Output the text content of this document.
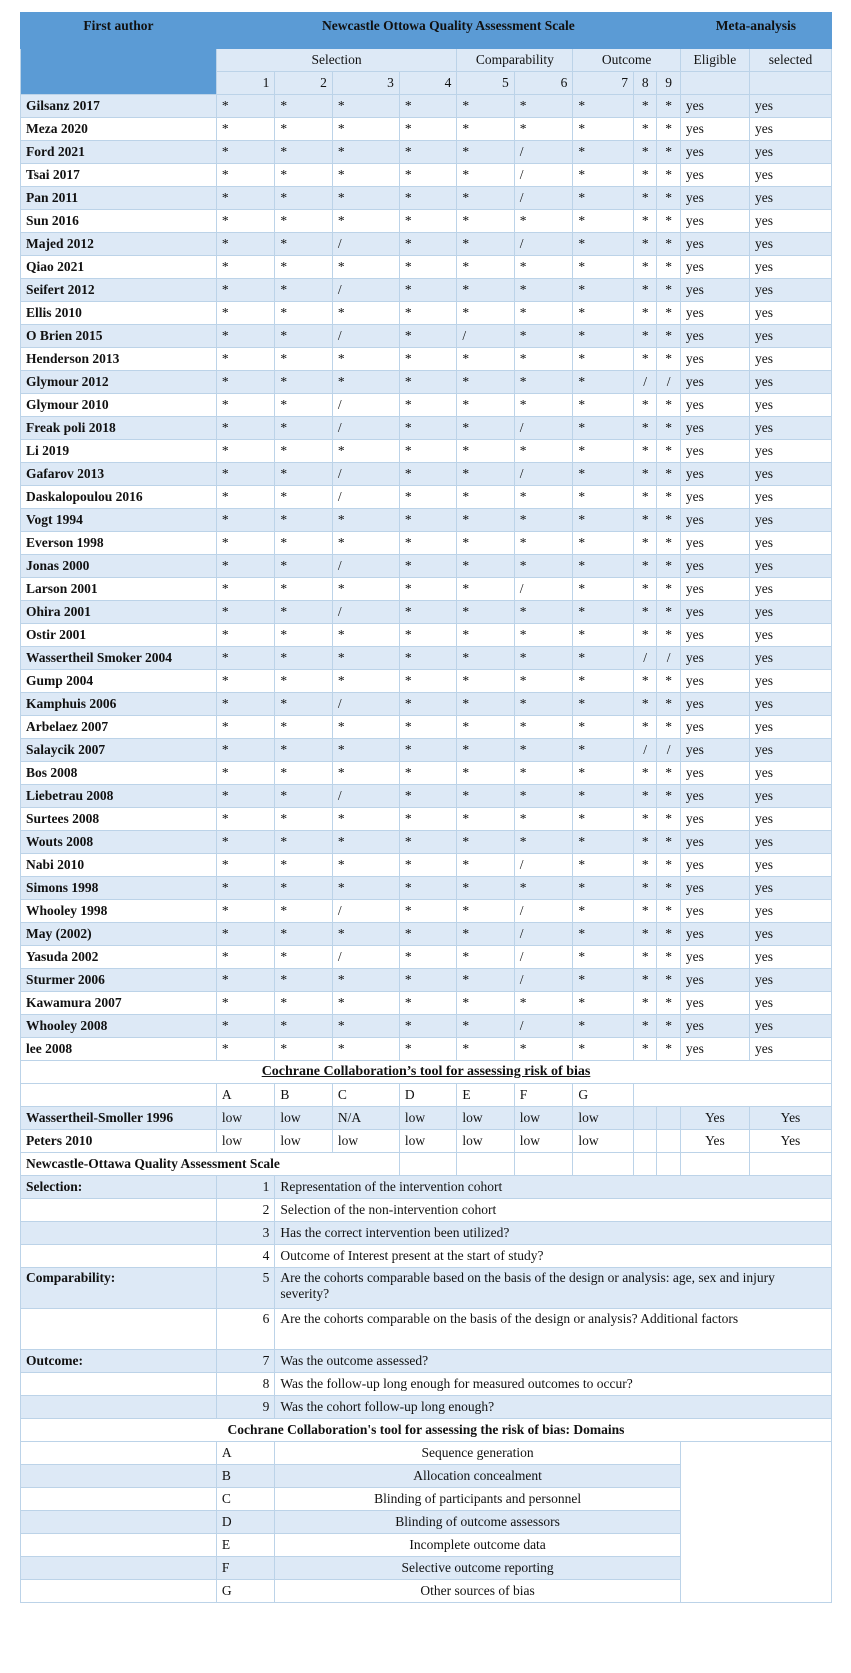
First author	Newcastle Ottowa Quality Assessment Scale									Meta-analysis	
	Selection				Comparability		Outcome			Eligible	selected
	1	2	3	4	5	6	7	8	9		
Gilsanz 2017	*	*	*	*	*	*	*	*	*	yes	yes
Meza 2020	*	*	*	*	*	*	*	*	*	yes	yes
Ford 2021	*	*	*	*	*	/	*	*	*	yes	yes
Tsai 2017	*	*	*	*	*	/	*	*	*	yes	yes
Pan 2011	*	*	*	*	*	/	*	*	*	yes	yes
Sun 2016	*	*	*	*	*	*	*	*	*	yes	yes
Majed 2012	*	*	/	*	*	/	*	*	*	yes	yes
Qiao 2021	*	*	*	*	*	*	*	*	*	yes	yes
Seifert 2012	*	*	/	*	*	*	*	*	*	yes	yes
Ellis 2010	*	*	*	*	*	*	*	*	*	yes	yes
O Brien 2015	*	*	/	*	/	*	*	*	*	yes	yes
Henderson 2013	*	*	*	*	*	*	*	*	*	yes	yes
Glymour 2012	*	*	*	*	*	*	*	/	/	yes	yes
Glymour 2010	*	*	/	*	*	*	*	*	*	yes	yes
Freak poli 2018	*	*	/	*	*	/	*	*	*	yes	yes
Li 2019	*	*	*	*	*	*	*	*	*	yes	yes
Gafarov 2013	*	*	/	*	*	/	*	*	*	yes	yes
Daskalopoulou 2016	*	*	/	*	*	*	*	*	*	yes	yes
Vogt 1994	*	*	*	*	*	*	*	*	*	yes	yes
Everson 1998	*	*	*	*	*	*	*	*	*	yes	yes
Jonas 2000	*	*	/	*	*	*	*	*	*	yes	yes
Larson 2001	*	*	*	*	*	/	*	*	*	yes	yes
Ohira 2001	*	*	/	*	*	*	*	*	*	yes	yes
Ostir 2001	*	*	*	*	*	*	*	*	*	yes	yes
Wassertheil Smoker 2004	*	*	*	*	*	*	*	/	/	yes	yes
Gump 2004	*	*	*	*	*	*	*	*	*	yes	yes
Kamphuis 2006	*	*	/	*	*	*	*	*	*	yes	yes
Arbelaez 2007	*	*	*	*	*	*	*	*	*	yes	yes
Salaycik 2007	*	*	*	*	*	*	*	/	/	yes	yes
Bos 2008	*	*	*	*	*	*	*	*	*	yes	yes
Liebetrau 2008	*	*	/	*	*	*	*	*	*	yes	yes
Surtees 2008	*	*	*	*	*	*	*	*	*	yes	yes
Wouts 2008	*	*	*	*	*	*	*	*	*	yes	yes
Nabi 2010	*	*	*	*	*	/	*	*	*	yes	yes
Simons 1998	*	*	*	*	*	*	*	*	*	yes	yes
Whooley 1998	*	*	/	*	*	/	*	*	*	yes	yes
May (2002)	*	*	*	*	*	/	*	*	*	yes	yes
Yasuda 2002	*	*	/	*	*	/	*	*	*	yes	yes
Sturmer 2006	*	*	*	*	*	/	*	*	*	yes	yes
Kawamura 2007	*	*	*	*	*	*	*	*	*	yes	yes
Whooley 2008	*	*	*	*	*	/	*	*	*	yes	yes
lee 2008	*	*	*	*	*	*	*	*	*	yes	yes
Cochrane Collaboration’s tool for assessing risk of bias											
	A	B	C	D	E	F	G				
Wassertheil-Smoller 1996	low	low	N/A	low	low	low	low			Yes	Yes
Peters 2010	low	low	low	low	low	low	low			Yes	Yes
Newcastle-Ottawa Quality Assessment Scale											
Selection:	1	Representation of the intervention cohort									
	2	Selection of the non-intervention cohort									
	3	Has the correct intervention been utilized?									
	4	Outcome of Interest present at the start of study?									
Comparability:	5	Are the cohorts comparable based on the basis of the design or analysis: age, sex and injury severity?									
	6	Are the cohorts comparable on the basis of the design or analysis? Additional factors									
Outcome:	7	Was the outcome assessed?									
	8	Was the follow-up long enough for measured outcomes to occur?									
	9	Was the cohort follow-up long enough?									
Cochrane Collaboration's tool for assessing the risk of bias: Domains											
	A	Sequence generation									
	B	Allocation concealment									
	C	Blinding of participants and personnel									
	D	Blinding of outcome assessors									
	E	Incomplete outcome data									
	F	Selective outcome reporting									
	G	Other sources of bias									
